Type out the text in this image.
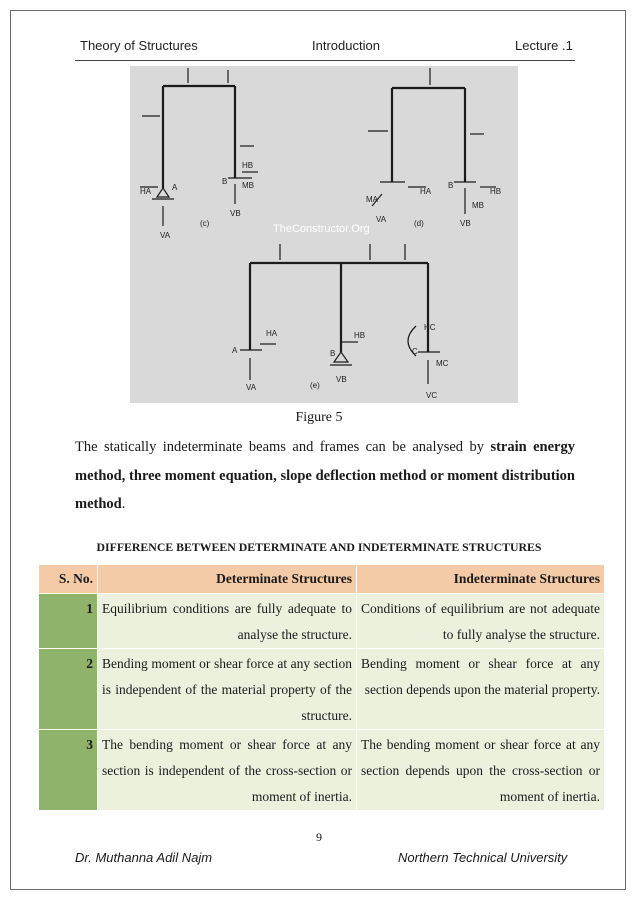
Theory of Structures	Introduction	Lecture .1
HA	A
VA
B
HB
MB
VB
(c)
MA
HA
B
HB
MB
VB
VA	(d)
TheConstructor.Org
A
HA
VA
B
HB
VB
(e)
C
HC
MC
VC
Figure 5

The statically indeterminate beams and frames can be analysed by strain energy method, three moment equation, slope deflection method or moment distribution method.

DIFFERENCE BETWEEN DETERMINATE AND INDETERMINATE STRUCTURES
S. No.	Determinate Structures	Indeterminate Structures
1	Equilibrium conditions are fully adequate to analyse the structure.	Conditions of equilibrium are not adequate to fully analyse the structure.
2	Bending moment or shear force at any section is independent of the material property of the structure.	Bending moment or shear force at any section depends upon the material property.
3	The bending moment or shear force at any section is independent of the cross-section or moment of inertia.	The bending moment or shear force at any section depends upon the cross-section or moment of inertia.
9
Dr. Muthanna Adil Najm	Northern Technical University
